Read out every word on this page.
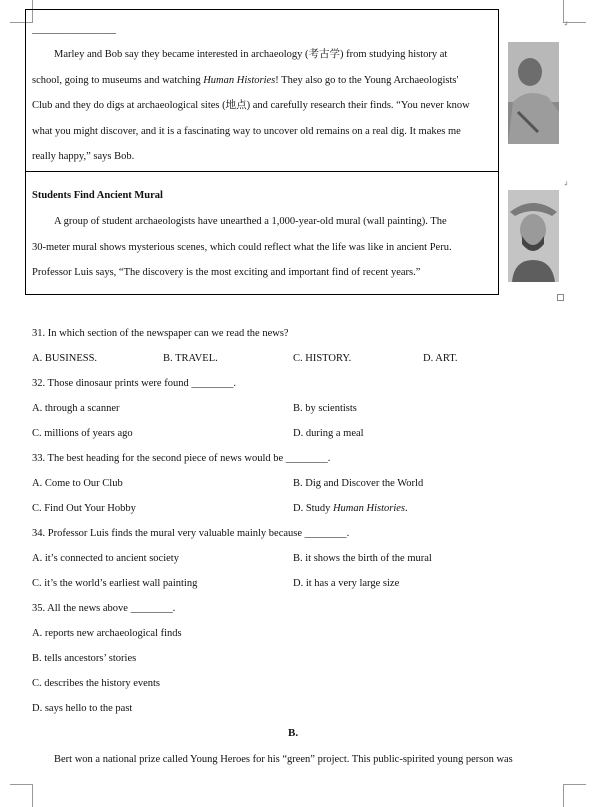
________________
Marley and Bob say they became interested in archaeology (考古学) from studying history at
school, going to museums and watching Human Histories! They also go to the Young Archaeologists'
Club and they do digs at archaeological sites (地点) and carefully research their finds. “You never know
what you might discover, and it is a fascinating way to uncover old remains on a real dig. It makes me
really happy,” says Bob.
Students Find Ancient Mural
A group of student archaeologists have unearthed a 1,000-year-old mural (wall painting). The
30-meter mural shows mysterious scenes, which could reflect what the life was like in ancient Peru.
Professor Luis says, “The discovery is the most exciting and important find of recent years.”
↲
↲
31. In which section of the newspaper can we read the news?
A. BUSINESS.	B. TRAVEL.	C. HISTORY.	D. ART.
32. Those dinosaur prints were found ________.
A. through a scanner	B. by scientists
C. millions of years ago	D. during a meal
33. The best heading for the second piece of news would be ________.
A. Come to Our Club	B. Dig and Discover the World
C. Find Out Your Hobby	D. Study Human Histories.
34. Professor Luis finds the mural very valuable mainly because ________.
A. it’s connected to ancient society	B. it shows the birth of the mural
C. it’s the world’s earliest wall painting	D. it has a very large size
35. All the news above ________.
A. reports new archaeological finds
B. tells ancestors’ stories
C. describes the history events
D. says hello to the past
B.
Bert won a national prize called Young Heroes for his “green” project. This public-spirited young person was
